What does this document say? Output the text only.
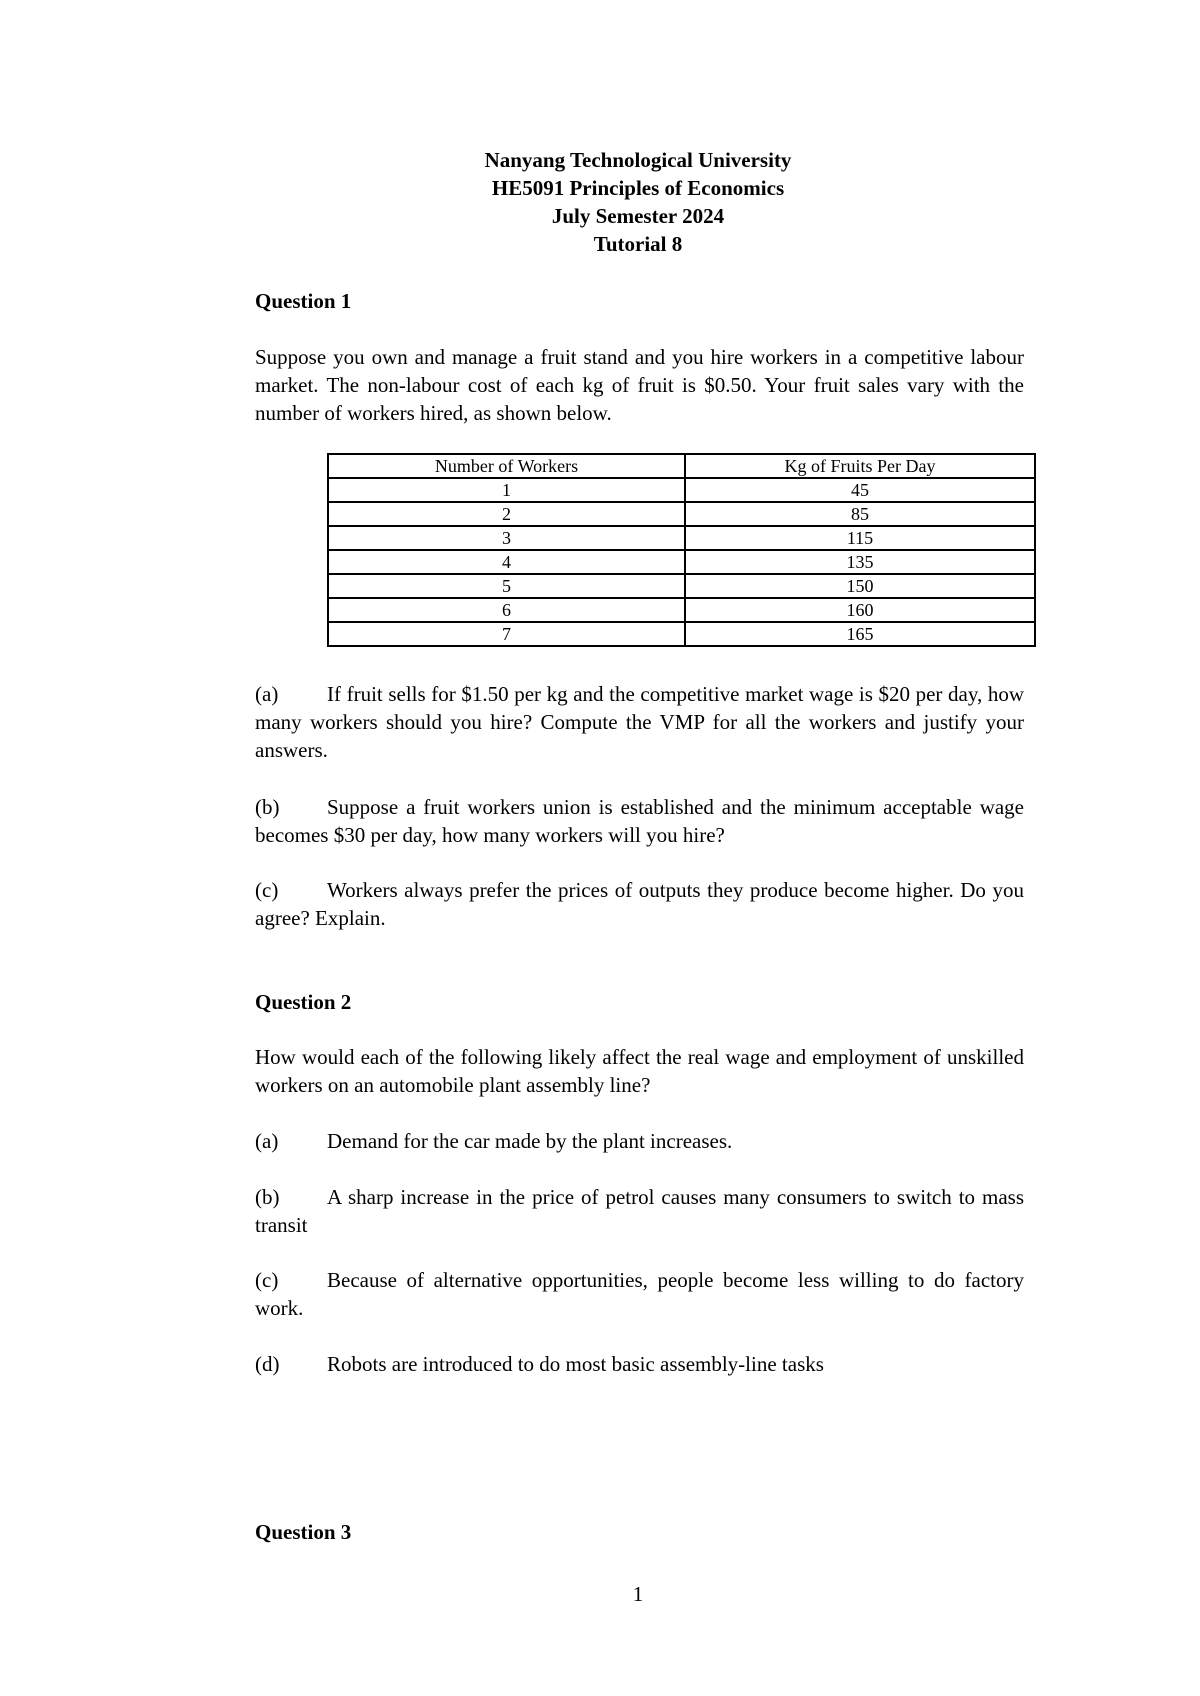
Nanyang Technological University
HE5091 Principles of Economics
July Semester 2024
Tutorial 8
Question 1
Suppose you own and manage a fruit stand and you hire workers in a competitive labour market. The non-labour cost of each kg of fruit is $0.50. Your fruit sales vary with the number of workers hired, as shown below.
Number of Workers	Kg of Fruits Per Day
1	45
2	85
3	115
4	135
5	150
6	160
7	165
(a) If fruit sells for $1.50 per kg and the competitive market wage is $20 per day, how many workers should you hire? Compute the VMP for all the workers and justify your answers.
(b) Suppose a fruit workers union is established and the minimum acceptable wage becomes $30 per day, how many workers will you hire?
(c) Workers always prefer the prices of outputs they produce become higher. Do you agree? Explain.
Question 2
How would each of the following likely affect the real wage and employment of unskilled workers on an automobile plant assembly line?
(a) Demand for the car made by the plant increases.
(b) A sharp increase in the price of petrol causes many consumers to switch to mass transit
(c) Because of alternative opportunities, people become less willing to do factory work.
(d) Robots are introduced to do most basic assembly-line tasks
Question 3
1
